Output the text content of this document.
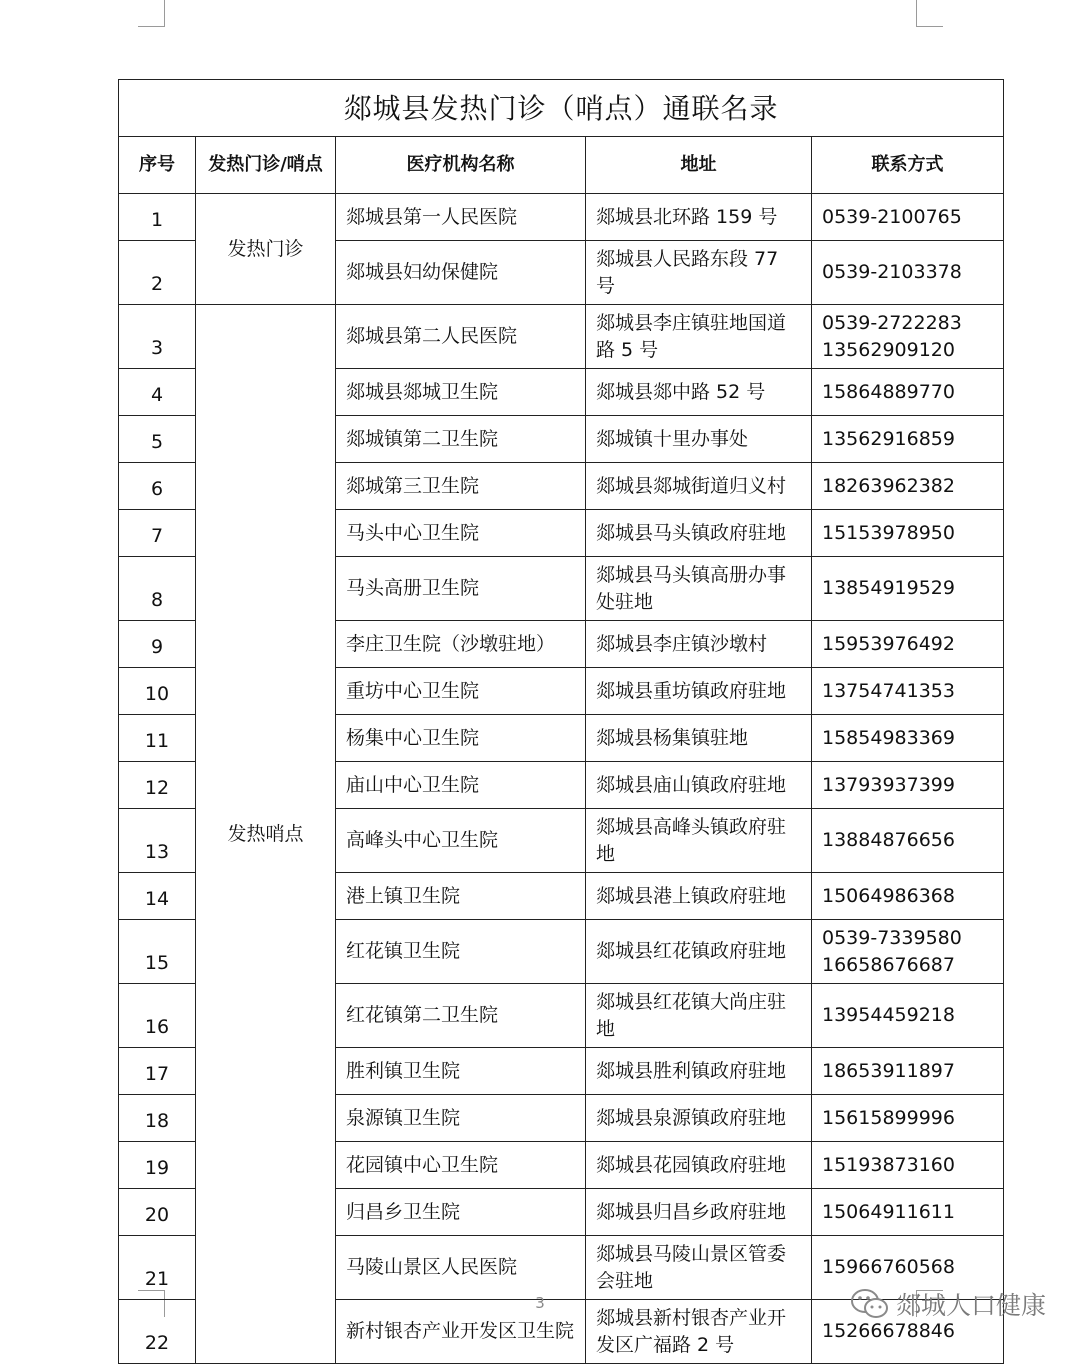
郯城县发热门诊（哨点）通联名录				
序号	发热门诊/哨点	医疗机构名称	地址	联系方式
1	发热门诊	郯城县第一人民医院	郯城县北环路 159 号	0539-2100765

2		郯城县妇幼保健院	郯城县人民路东段 77 号	0539-2103378

3	发热哨点	郯城县第二人民医院	郯城县李庄镇驻地国道路 5 号	0539-2722283
13562909120

4		郯城县郯城卫生院	郯城县郯中路 52 号	15864889770

5		郯城镇第二卫生院	郯城镇十里办事处	13562916859

6		郯城第三卫生院	郯城县郯城街道归义村	18263962382

7		马头中心卫生院	郯城县马头镇政府驻地	15153978950

8		马头高册卫生院	郯城县马头镇高册办事处驻地	13854919529

9		李庄卫生院（沙墩驻地）	郯城县李庄镇沙墩村	15953976492

10		重坊中心卫生院	郯城县重坊镇政府驻地	13754741353

11		杨集中心卫生院	郯城县杨集镇驻地	15854983369

12		庙山中心卫生院	郯城县庙山镇政府驻地	13793937399

13		高峰头中心卫生院	郯城县高峰头镇政府驻地	13884876656

14		港上镇卫生院	郯城县港上镇政府驻地	15064986368

15		红花镇卫生院	郯城县红花镇政府驻地	0539-7339580
16658676687

16		红花镇第二卫生院	郯城县红花镇大尚庄驻地	13954459218

17		胜利镇卫生院	郯城县胜利镇政府驻地	18653911897

18		泉源镇卫生院	郯城县泉源镇政府驻地	15615899996

19		花园镇中心卫生院	郯城县花园镇政府驻地	15193873160

20		归昌乡卫生院	郯城县归昌乡政府驻地	15064911611

21		马陵山景区人民医院	郯城县马陵山景区管委会驻地	15966760568

22		新村银杏产业开发区卫生院	郯城县新村银杏产业开发区广福路 2 号	15266678846
3	郯城人口健康
